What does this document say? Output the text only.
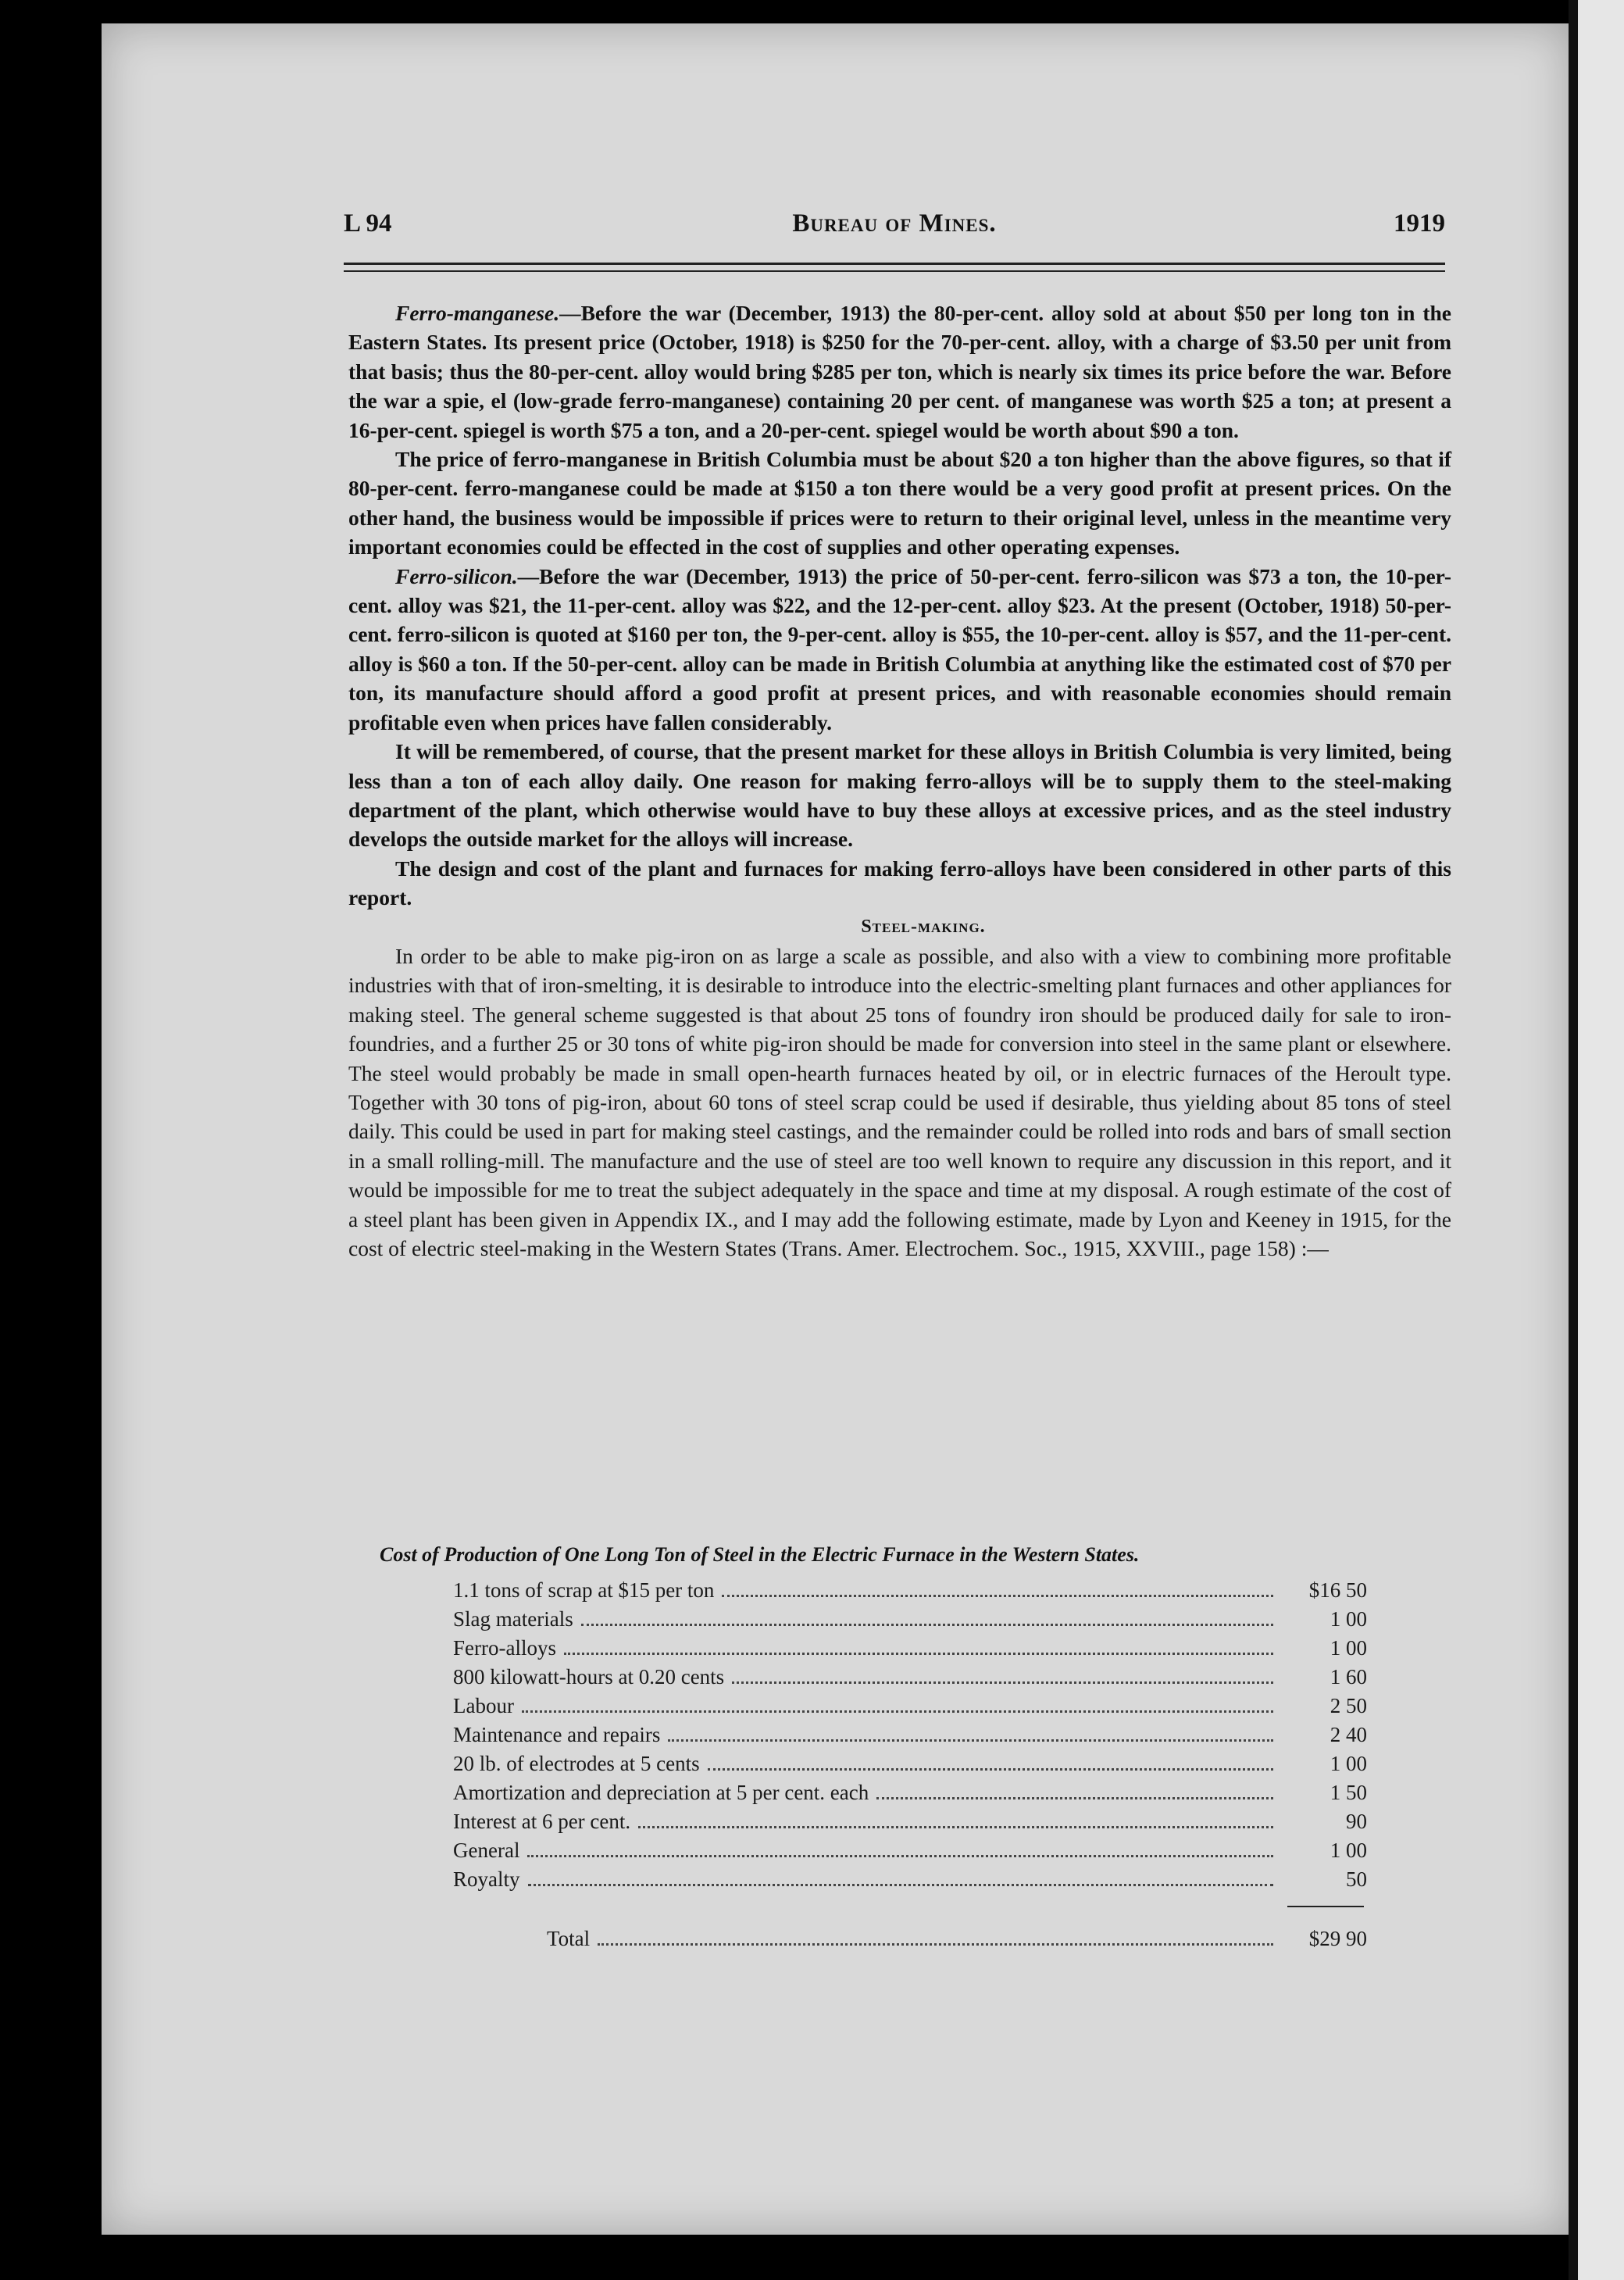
L 94	Bureau of Mines.	1919

Ferro-manganese.—Before the war (December, 1913) the 80-per-cent. alloy sold at about $50 per long ton in the Eastern States. Its present price (October, 1918) is $250 for the 70-per-cent. alloy, with a charge of $3.50 per unit from that basis; thus the 80-per-cent. alloy would bring $285 per ton, which is nearly six times its price before the war. Before the war a spie, el (low-grade ferro-manganese) containing 20 per cent. of manganese was worth $25 a ton; at present a 16-per-cent. spiegel is worth $75 a ton, and a 20-per-cent. spiegel would be worth about $90 a ton.

The price of ferro-manganese in British Columbia must be about $20 a ton higher than the above figures, so that if 80-per-cent. ferro-manganese could be made at $150 a ton there would be a very good profit at present prices. On the other hand, the business would be impossible if prices were to return to their original level, unless in the meantime very important economies could be effected in the cost of supplies and other operating expenses.

Ferro-silicon.—Before the war (December, 1913) the price of 50-per-cent. ferro-silicon was $73 a ton, the 10-per-cent. alloy was $21, the 11-per-cent. alloy was $22, and the 12-per-cent. alloy $23. At the present (October, 1918) 50-per-cent. ferro-silicon is quoted at $160 per ton, the 9-per-cent. alloy is $55, the 10-per-cent. alloy is $57, and the 11-per-cent. alloy is $60 a ton. If the 50-per-cent. alloy can be made in British Columbia at anything like the estimated cost of $70 per ton, its manufacture should afford a good profit at present prices, and with reasonable economies should remain profitable even when prices have fallen considerably.

It will be remembered, of course, that the present market for these alloys in British Columbia is very limited, being less than a ton of each alloy daily. One reason for making ferro-alloys will be to supply them to the steel-making department of the plant, which otherwise would have to buy these alloys at excessive prices, and as the steel industry develops the outside market for the alloys will increase.

The design and cost of the plant and furnaces for making ferro-alloys have been considered in other parts of this report.

Steel-making.

In order to be able to make pig-iron on as large a scale as possible, and also with a view to combining more profitable industries with that of iron-smelting, it is desirable to introduce into the electric-smelting plant furnaces and other appliances for making steel. The general scheme suggested is that about 25 tons of foundry iron should be produced daily for sale to iron-foundries, and a further 25 or 30 tons of white pig-iron should be made for conversion into steel in the same plant or elsewhere. The steel would probably be made in small open-hearth furnaces heated by oil, or in electric furnaces of the Heroult type. Together with 30 tons of pig-iron, about 60 tons of steel scrap could be used if desirable, thus yielding about 85 tons of steel daily. This could be used in part for making steel castings, and the remainder could be rolled into rods and bars of small section in a small rolling-mill. The manufacture and the use of steel are too well known to require any discussion in this report, and it would be impossible for me to treat the subject adequately in the space and time at my disposal. A rough estimate of the cost of a steel plant has been given in Appendix IX., and I may add the following estimate, made by Lyon and Keeney in 1915, for the cost of electric steel-making in the Western States (Trans. Amer. Electrochem. Soc., 1915, XXVIII., page 158) :—

Cost of Production of One Long Ton of Steel in the Electric Furnace in the Western States.
1.1 tons of scrap at $15 per ton	$16 50
Slag materials	1 00
Ferro-alloys	1 00
800 kilowatt-hours at 0.20 cents	1 60
Labour	2 50
Maintenance and repairs	2 40
20 lb. of electrodes at 5 cents	1 00
Amortization and depreciation at 5 per cent. each	1 50
Interest at 6 per cent.	90
General	1 00
Royalty	50
Total	$29 90
